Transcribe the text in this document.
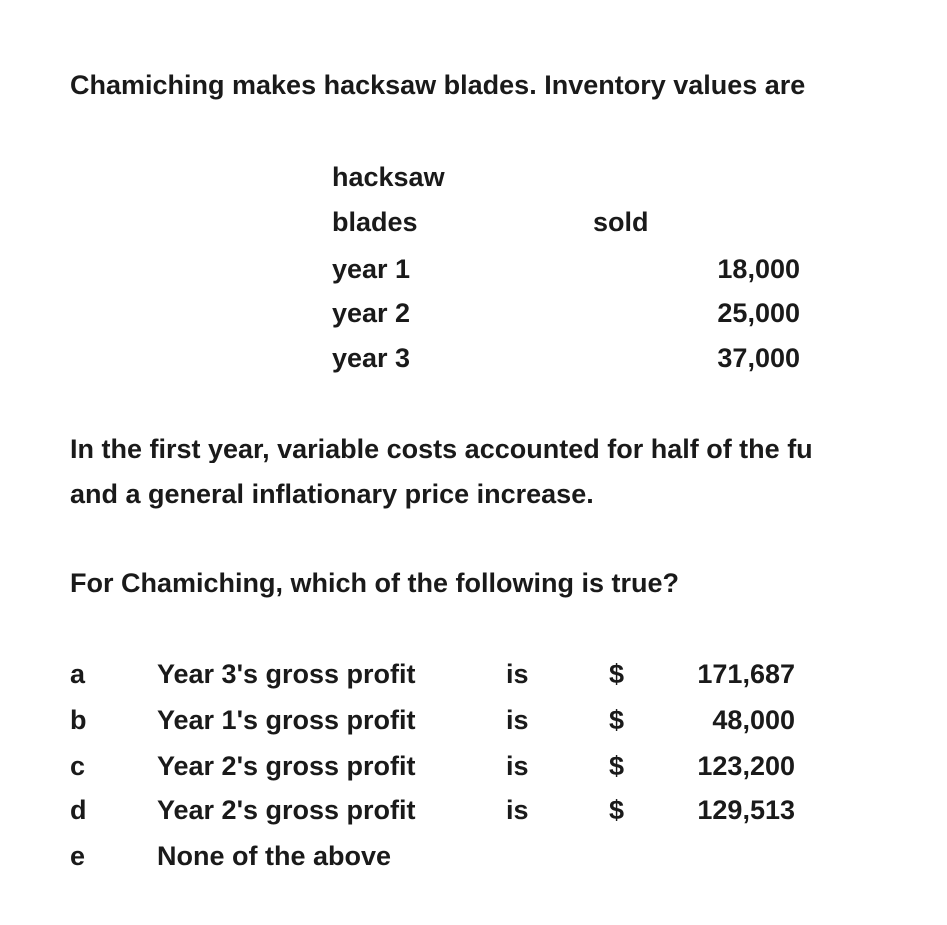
Chamiching makes hacksaw blades. Inventory values are
hacksaw
blades	sold
year 1	18,000
year 2	25,000
year 3	37,000
In the first year, variable costs accounted for half of the fu
and a general inflationary price increase.
For Chamiching, which of the following is true?
a	Year 3's gross profit	is	$	171,687
b	Year 1's gross profit	is	$	48,000
c	Year 2's gross profit	is	$	123,200
d	Year 2's gross profit	is	$	129,513
e	None of the above
